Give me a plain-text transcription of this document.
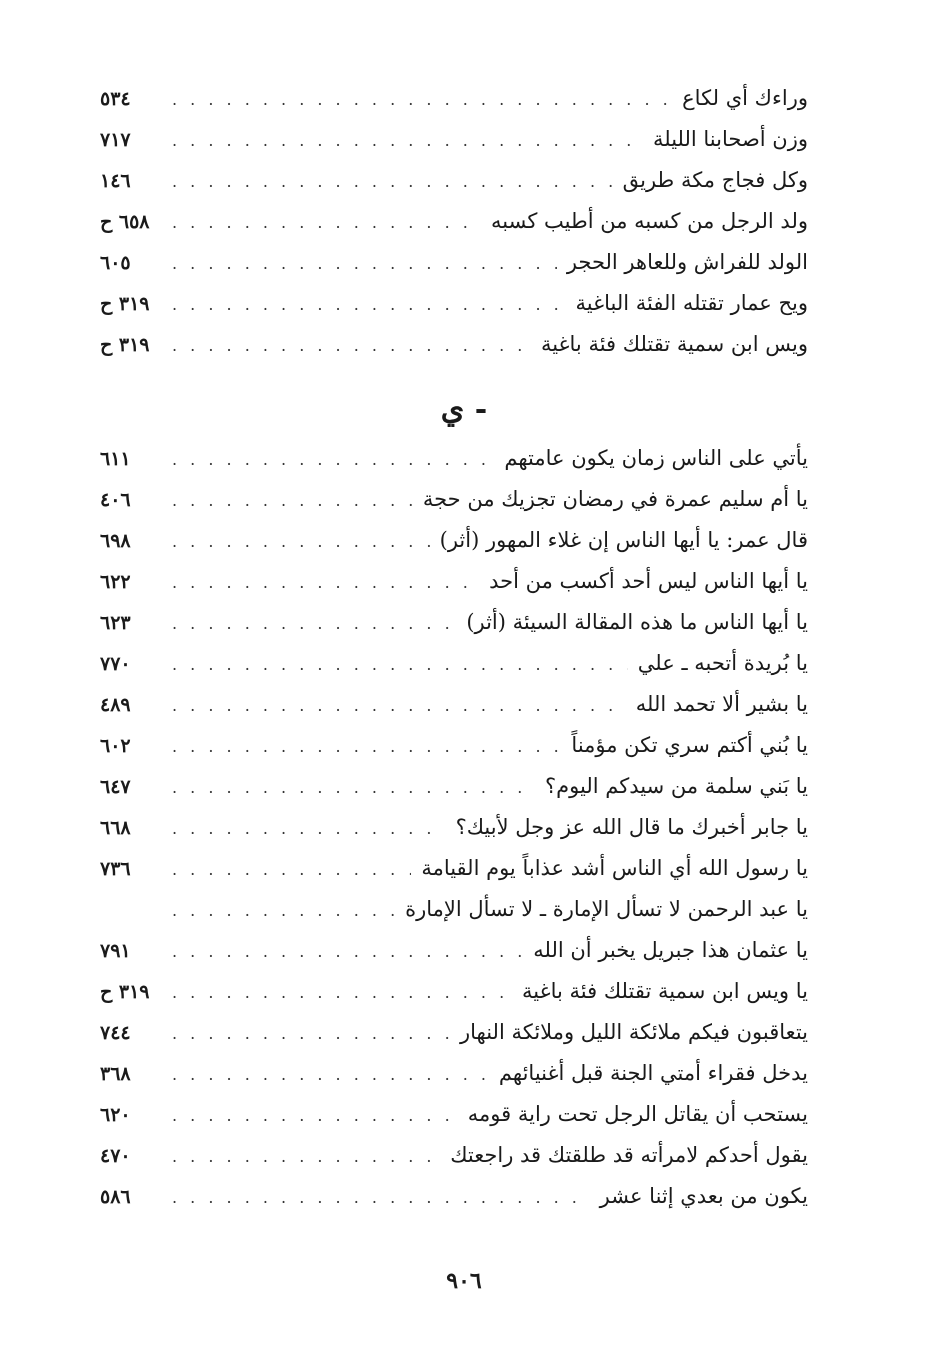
وراءك أي لكاع
. . .
٥٣٤
وزن أصحابنا الليلة
. . .
٧١٧
وكل فجاج مكة طريق
. . .
١٤٦
ولد الرجل من كسبه من أطيب كسبه
. . .
٦٥٨ ح
الولد للفراش وللعاهر الحجر
. . .
٦٠٥
ويح عمار تقتله الفئة الباغية
. . .
٣١٩ ح
ويس ابن سمية تقتلك فئة باغية
. . .
٣١٩ ح
- ي
يأتي على الناس زمان يكون عامتهم
. . .
٦١١
يا أم سليم عمرة في رمضان تجزيك من حجة
. . .
٤٠٦
قال عمر: يا أيها الناس إن غلاء المهور (أثر)
. . .
٦٩٨
يا أيها الناس ليس أحد أكسب من أحد
. . .
٦٢٢
يا أيها الناس ما هذه المقالة السيئة (أثر)
. . .
٦٢٣
يا بُريدة أتحبه ـ علي
. . .
٧٧٠
يا بشير ألا تحمد الله
. . .
٤٨٩
يا بُني أكتم سري تكن مؤمناً
. . .
٦٠٢
يا بَني سلمة من سيدكم اليوم؟
. . .
٦٤٧
يا جابر أخبرك ما قال الله عز وجل لأبيك؟
. . .
٦٦٨
يا رسول الله أي الناس أشد عذاباً يوم القيامة
. . .
٧٣٦
يا عبد الرحمن لا تسأل الإمارة ـ لا تسأل الإمارة
. . .
يا عثمان هذا جبريل يخبر أن الله
. . .
٧٩١
يا ويس ابن سمية تقتلك فئة باغية
. . .
٣١٩ ح
يتعاقبون فيكم ملائكة الليل وملائكة النهار
. . .
٧٤٤
يدخل فقراء أمتي الجنة قبل أغنيائهم
. . .
٣٦٨
يستحب أن يقاتل الرجل تحت راية قومه
. . .
٦٢٠
يقول أحدكم لامرأته قد طلقتك قد راجعتك
. . .
٤٧٠
يكون من بعدي إثنا عشر
. . .
٥٨٦
٩٠٦
